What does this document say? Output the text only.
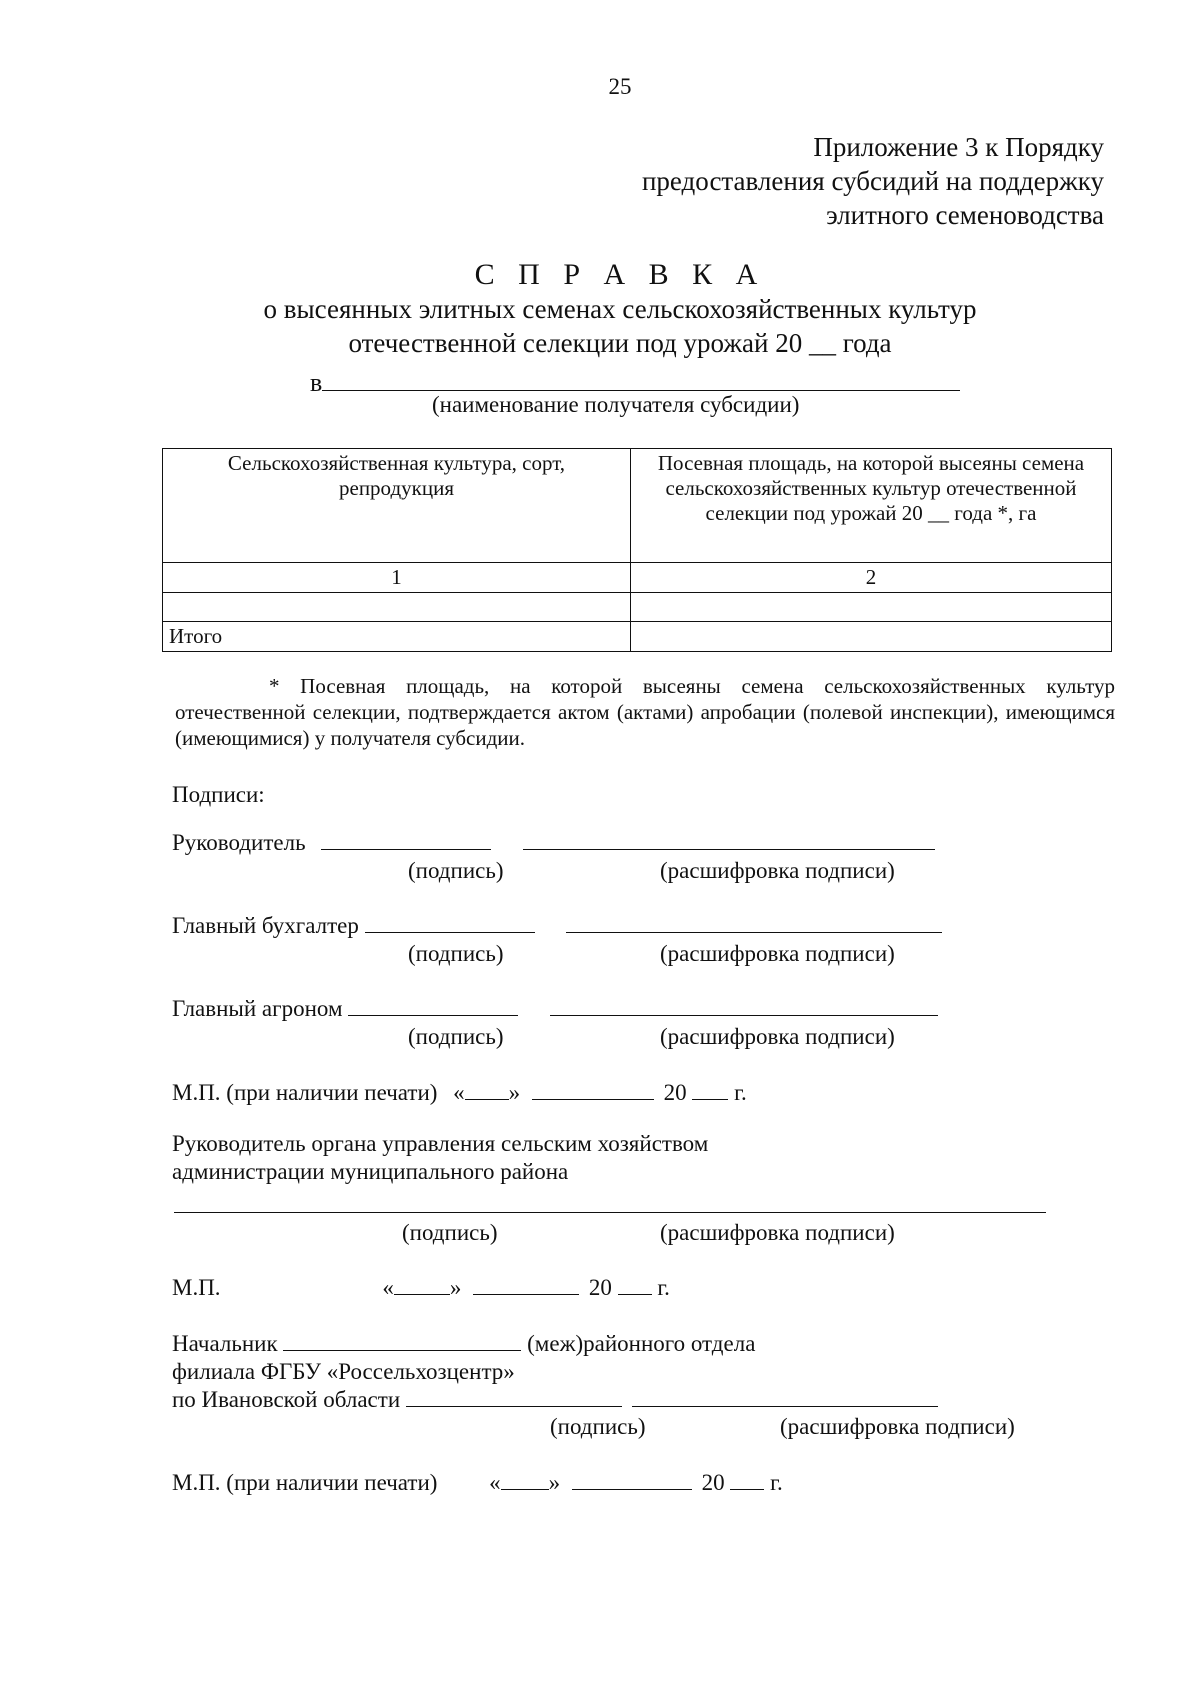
25
Приложение 3 к Порядку
предоставления субсидий на поддержку
элитного семеноводства
С П Р А В К А
о высеянных элитных семенах сельскохозяйственных культур
отечественной селекции под урожай 20 __ года
в
(наименование получателя субсидии)
Сельскохозяйственная культура, сорт, репродукция	Посевная площадь, на которой высеяны семена сельскохозяйственных культур отечественной селекции под урожай 20 __ года *, га
1	2

Итого	
* Посевная площадь, на которой высеяны семена сельскохозяйственных культур отечественной селекции, подтверждается актом (актами) апробации (полевой инспекции), имеющимся (имеющимися) у получателя субсидии.
Подписи:
Руководитель
(подпись)	(расшифровка подписи)
Главный бухгалтер
(подпись)	(расшифровка подписи)
Главный агроном
(подпись)	(расшифровка подписи)
М.П. (при наличии печати) « »	20 г.
Руководитель органа управления сельским хозяйством
администрации муниципального района
(подпись)	(расшифровка подписи)
М.П.	« »	20 г.
Начальник	(меж)районного отдела
филиала ФГБУ «Россельхозцентр»
по Ивановской области
(подпись)	(расшифровка подписи)
М.П. (при наличии печати) « »	20 г.
